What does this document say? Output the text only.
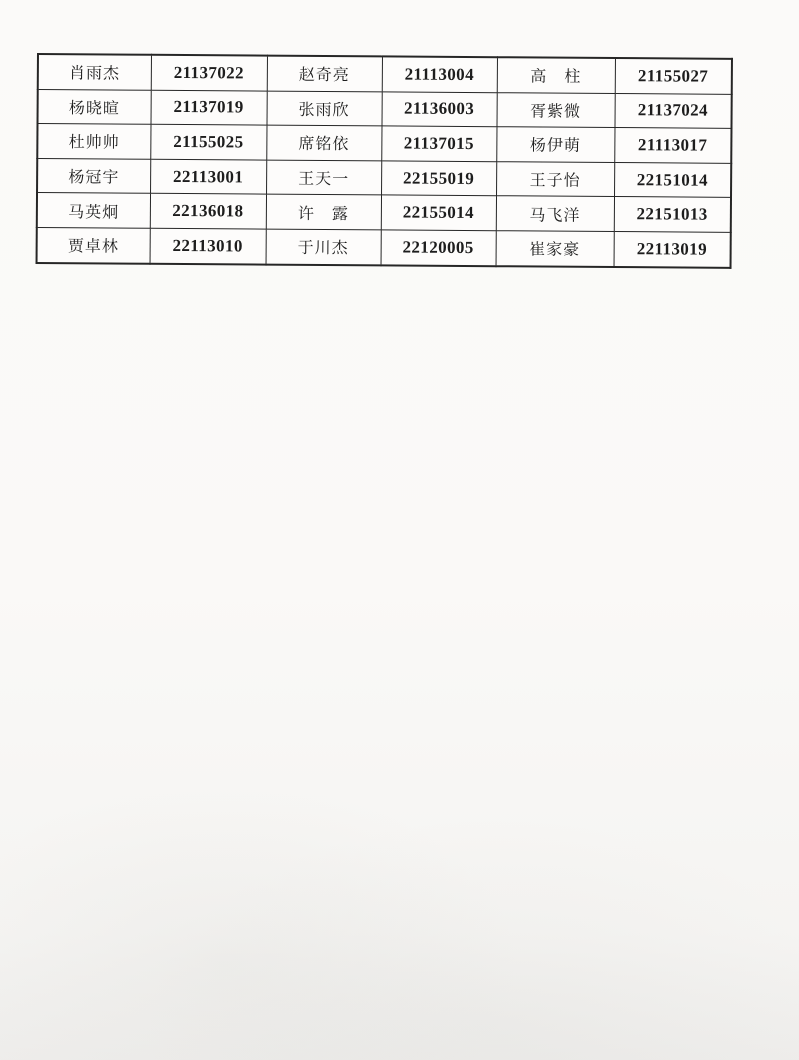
肖雨杰	21137022	赵奇亮	21113004	高　柱	21155027
杨晓暄	21137019	张雨欣	21136003	胥紫微	21137024
杜帅帅	21155025	席铭依	21137015	杨伊萌	21113017
杨冠宇	22113001	王天一	22155019	王子怡	22151014
马英炯	22136018	许　露	22155014	马飞洋	22151013
贾卓林	22113010	于川杰	22120005	崔家豪	22113019
